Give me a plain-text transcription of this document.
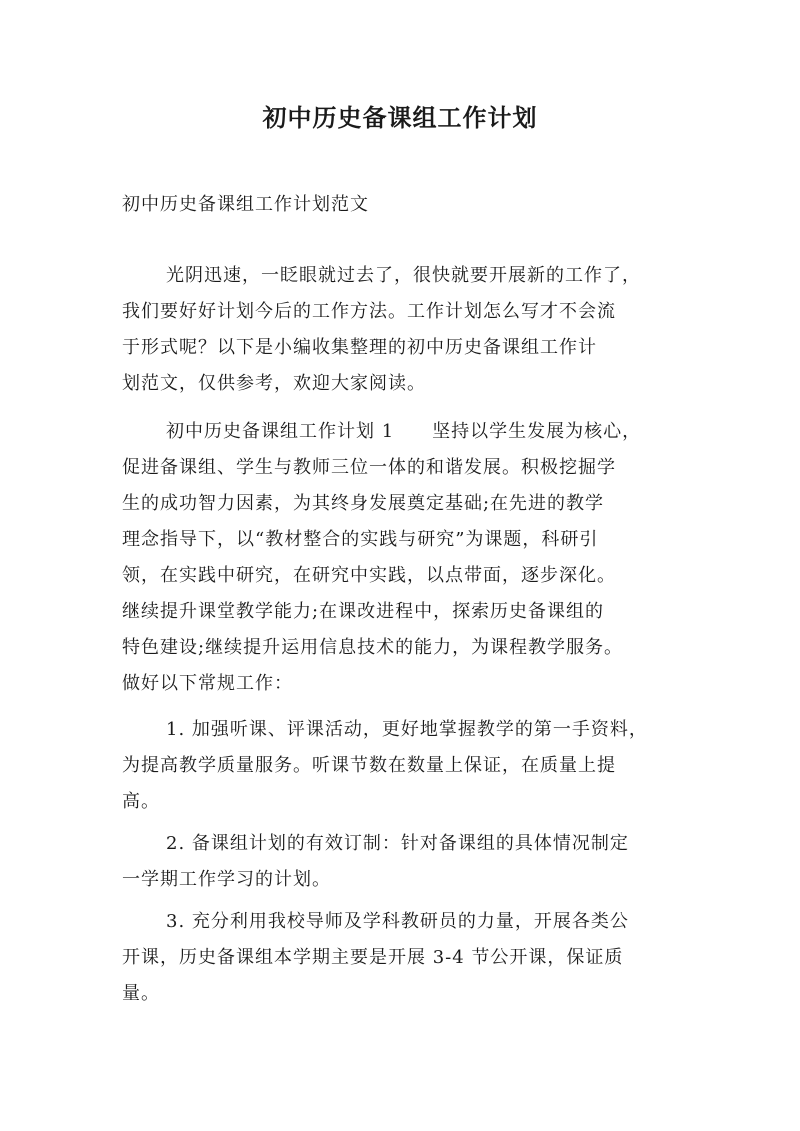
初中历史备课组工作计划
初中历史备课组工作计划范文
光阴迅速，一眨眼就过去了，很快就要开展新的工作了，
我们要好好计划今后的工作方法。工作计划怎么写才不会流
于形式呢？以下是小编收集整理的初中历史备课组工作计
划范文，仅供参考，欢迎大家阅读。
初中历史备课组工作计划 1　　坚持以学生发展为核心，
促进备课组、学生与教师三位一体的和谐发展。积极挖掘学
生的成功智力因素，为其终身发展奠定基础;在先进的教学
理念指导下，以“教材整合的实践与研究”为课题，科研引
领，在实践中研究，在研究中实践，以点带面，逐步深化。
继续提升课堂教学能力;在课改进程中，探索历史备课组的
特色建设;继续提升运用信息技术的能力，为课程教学服务。
做好以下常规工作：
1. 加强听课、评课活动，更好地掌握教学的第一手资料，
为提高教学质量服务。听课节数在数量上保证，在质量上提
高。
2. 备课组计划的有效订制：针对备课组的具体情况制定
一学期工作学习的计划。
3. 充分利用我校导师及学科教研员的力量，开展各类公
开课，历史备课组本学期主要是开展 3-4 节公开课，保证质
量。
